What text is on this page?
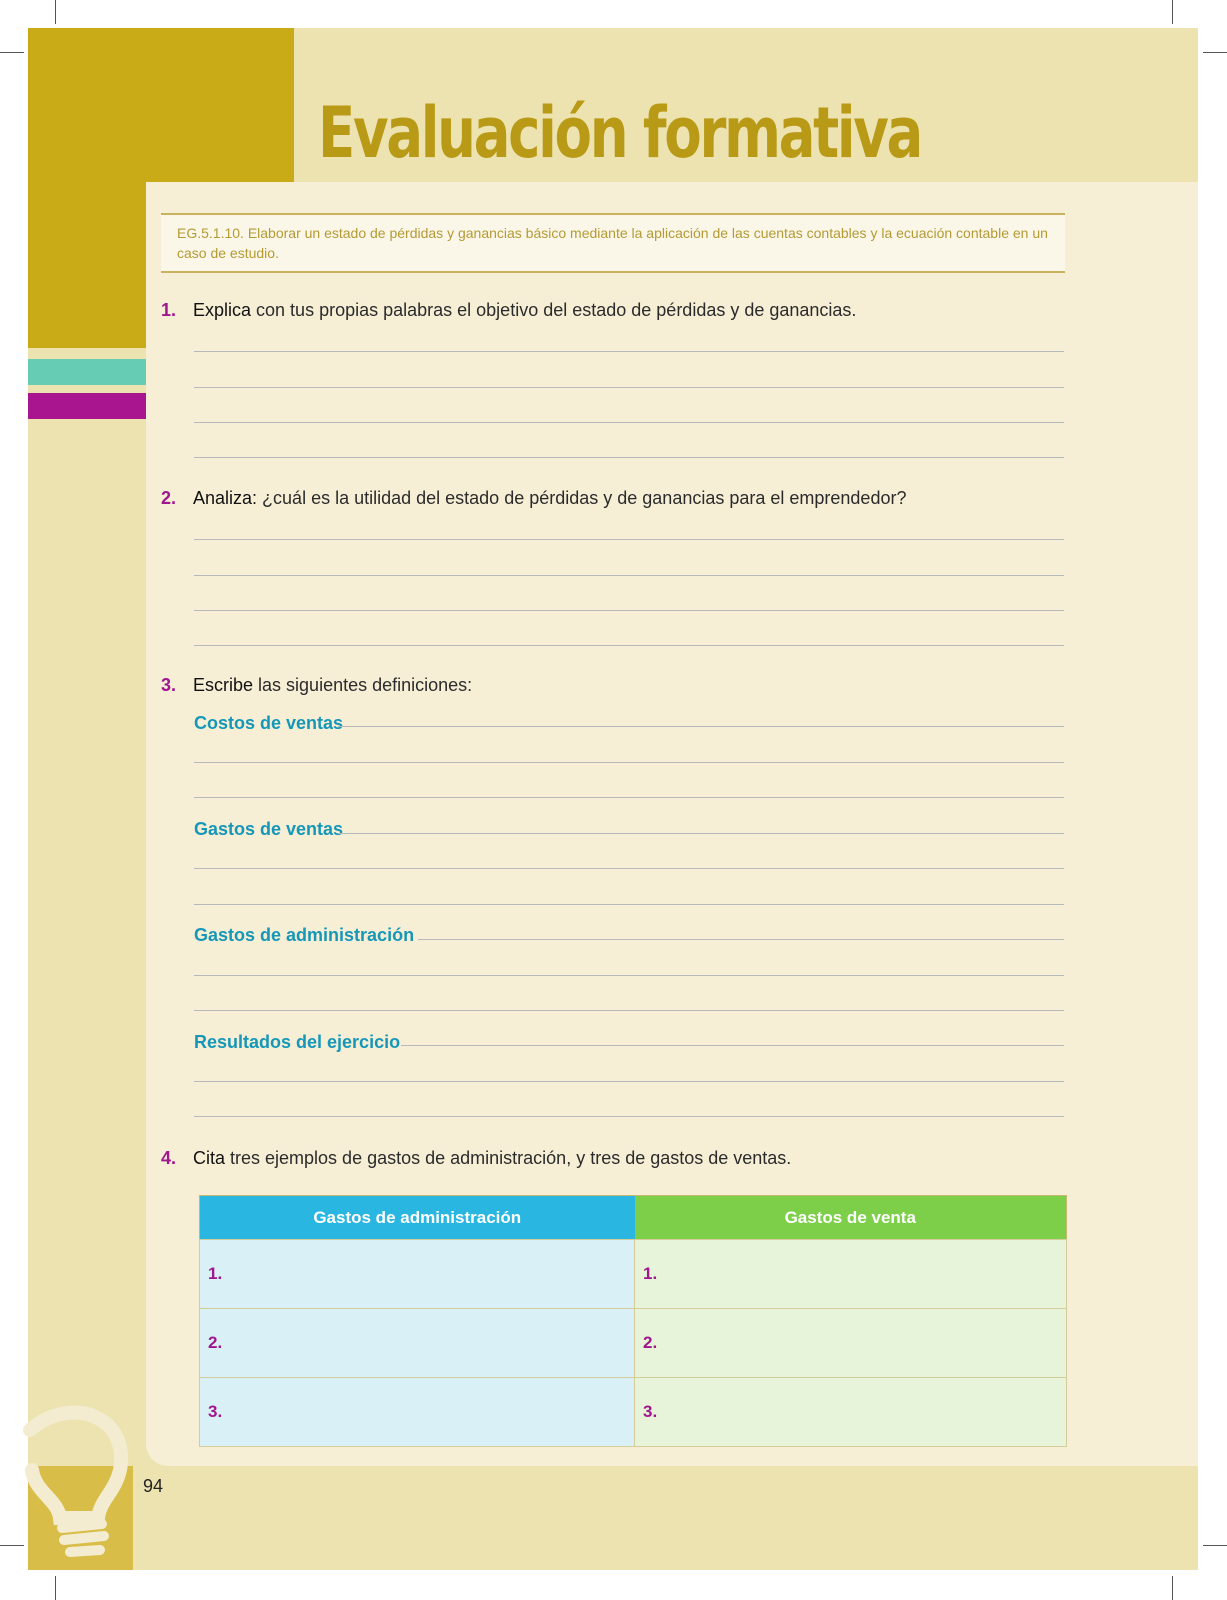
Evaluación formativa

EG.5.1.10. Elaborar un estado de pérdidas y ganancias básico mediante la aplicación de las cuentas contables y la ecuación contable en un caso de estudio.

1. Explica con tus propias palabras el objetivo del estado de pérdidas y de ganancias.
2. Analiza: ¿cuál es la utilidad del estado de pérdidas y de ganancias para el emprendedor?
3. Escribe las siguientes definiciones:
Costos de ventas
Gastos de ventas
Gastos de administración
Resultados del ejercicio
4. Cita tres ejemplos de gastos de administración, y tres de gastos de ventas.
Gastos de administración	Gastos de venta
1.	1.
2.	2.
3.	3.
94
